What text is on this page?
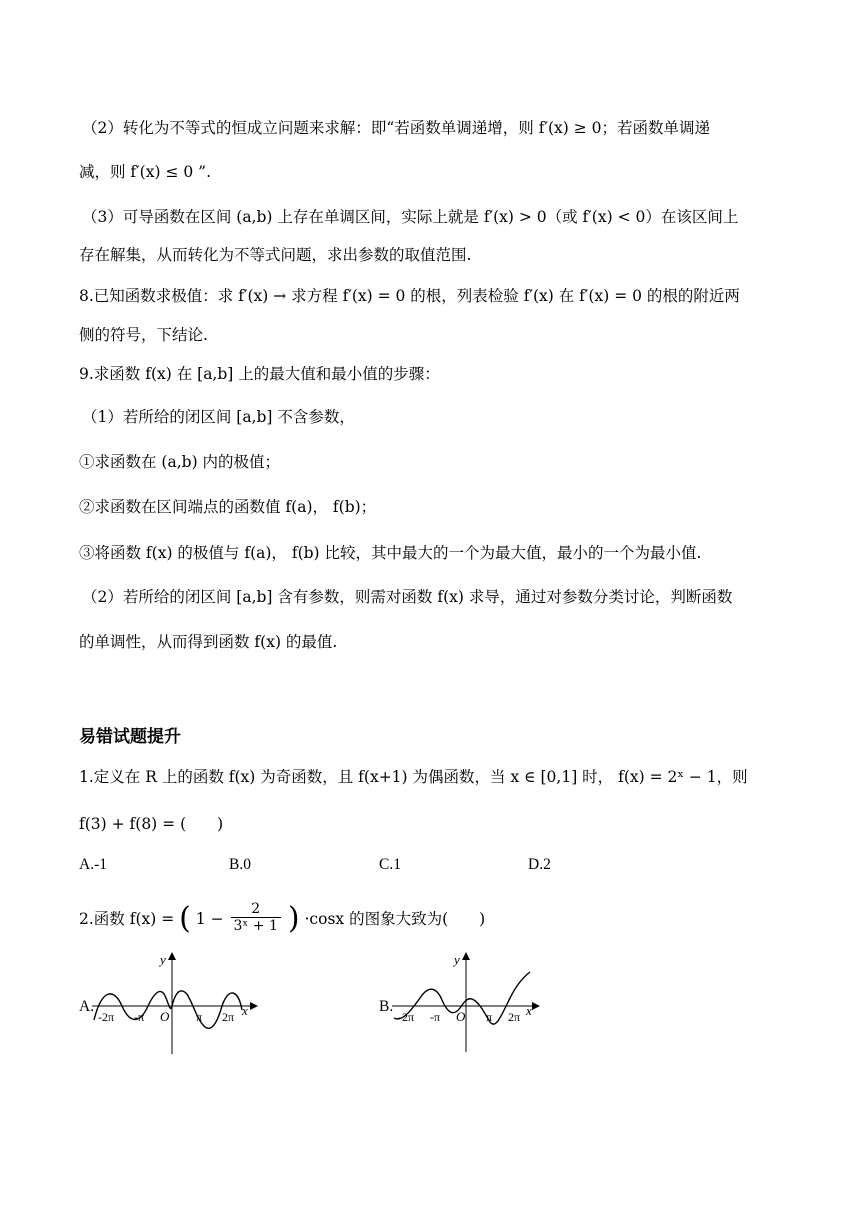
（2）转化为不等式的恒成立问题来求解：即“若函数单调递增，则 f′(x) ≥ 0；若函数单调递
减，则 f′(x) ≤ 0 ”.
（3）可导函数在区间 (a,b) 上存在单调区间，实际上就是 f′(x) > 0（或 f′(x) < 0）在该区间上
存在解集，从而转化为不等式问题，求出参数的取值范围.
8.已知函数求极值：求 f′(x) → 求方程 f′(x) = 0 的根，列表检验 f′(x) 在 f′(x) = 0 的根的附近两
侧的符号，下结论.
9.求函数 f(x) 在 [a,b] 上的最大值和最小值的步骤：
（1）若所给的闭区间 [a,b] 不含参数，
①求函数在 (a,b) 内的极值；
②求函数在区间端点的函数值 f(a)， f(b)；
③将函数 f(x) 的极值与 f(a)， f(b) 比较，其中最大的一个为最大值，最小的一个为最小值.
（2）若所给的闭区间 [a,b] 含有参数，则需对函数 f(x) 求导，通过对参数分类讨论，判断函数
的单调性，从而得到函数 f(x) 的最值.
易错试题提升
1.定义在 R 上的函数 f(x) 为奇函数，且 f(x+1) 为偶函数，当 x ∈ [0,1] 时， f(x) = 2ˣ − 1，则
f(3) + f(8) = (　　)
A.-1	B.0	C.1	D.2
2.函数 f(x) = ( $1 - \frac{2}{\text{3ˣ + 1}}$ ) ·cosx 的图象大致为(　　)
A.
-2π -π O π 2π x
y
B.
-2π -π O π 2π x
y
